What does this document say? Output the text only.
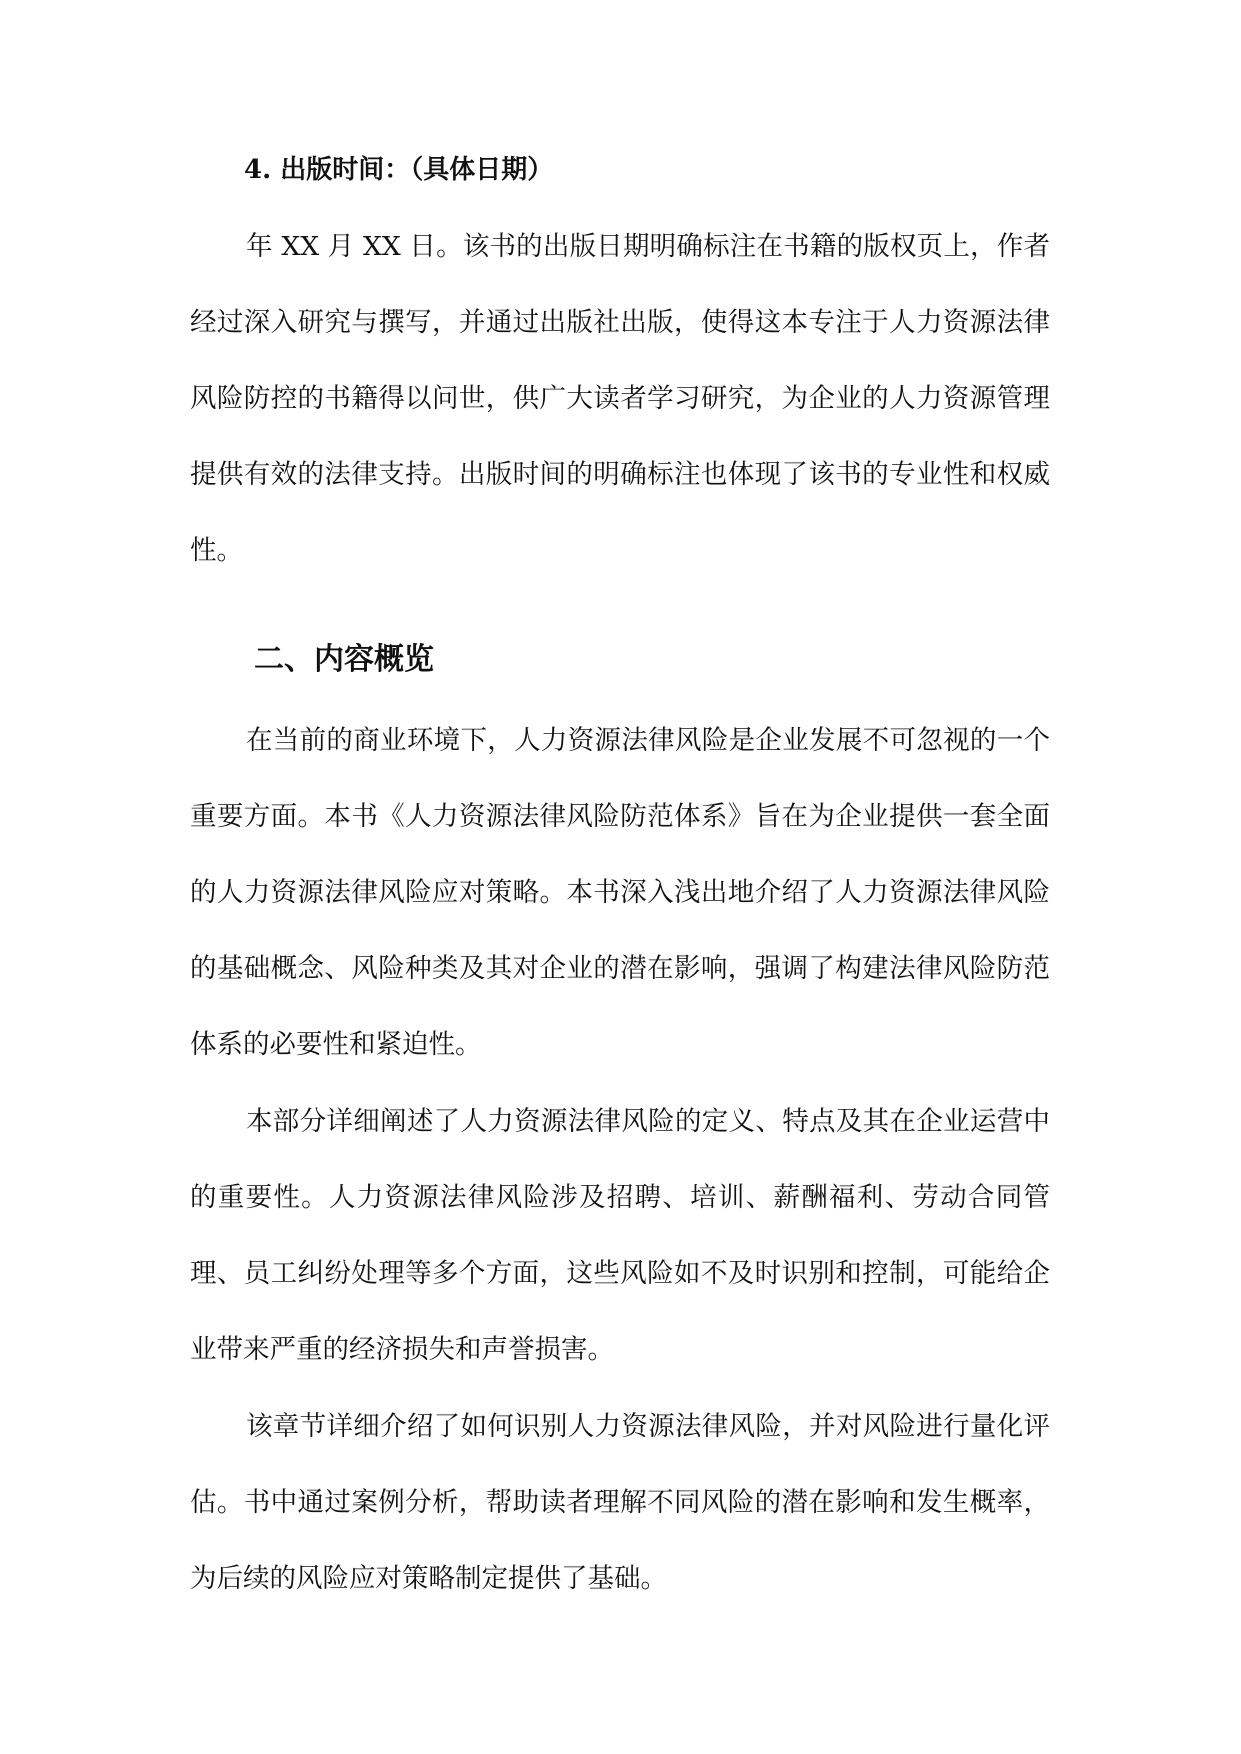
4. 出版时间：（具体日期）

年 XX 月 XX 日。该书的出版日期明确标注在书籍的版权页上，作者经过深入研究与撰写，并通过出版社出版，使得这本专注于人力资源法律风险防控的书籍得以问世，供广大读者学习研究，为企业的人力资源管理提供有效的法律支持。出版时间的明确标注也体现了该书的专业性和权威性。

二、内容概览

在当前的商业环境下，人力资源法律风险是企业发展不可忽视的一个重要方面。本书《人力资源法律风险防范体系》旨在为企业提供一套全面的人力资源法律风险应对策略。本书深入浅出地介绍了人力资源法律风险的基础概念、风险种类及其对企业的潜在影响，强调了构建法律风险防范体系的必要性和紧迫性。

本部分详细阐述了人力资源法律风险的定义、特点及其在企业运营中的重要性。人力资源法律风险涉及招聘、培训、薪酬福利、劳动合同管理、员工纠纷处理等多个方面，这些风险如不及时识别和控制，可能给企业带来严重的经济损失和声誉损害。

该章节详细介绍了如何识别人力资源法律风险，并对风险进行量化评估。书中通过案例分析，帮助读者理解不同风险的潜在影响和发生概率，为后续的风险应对策略制定提供了基础。
